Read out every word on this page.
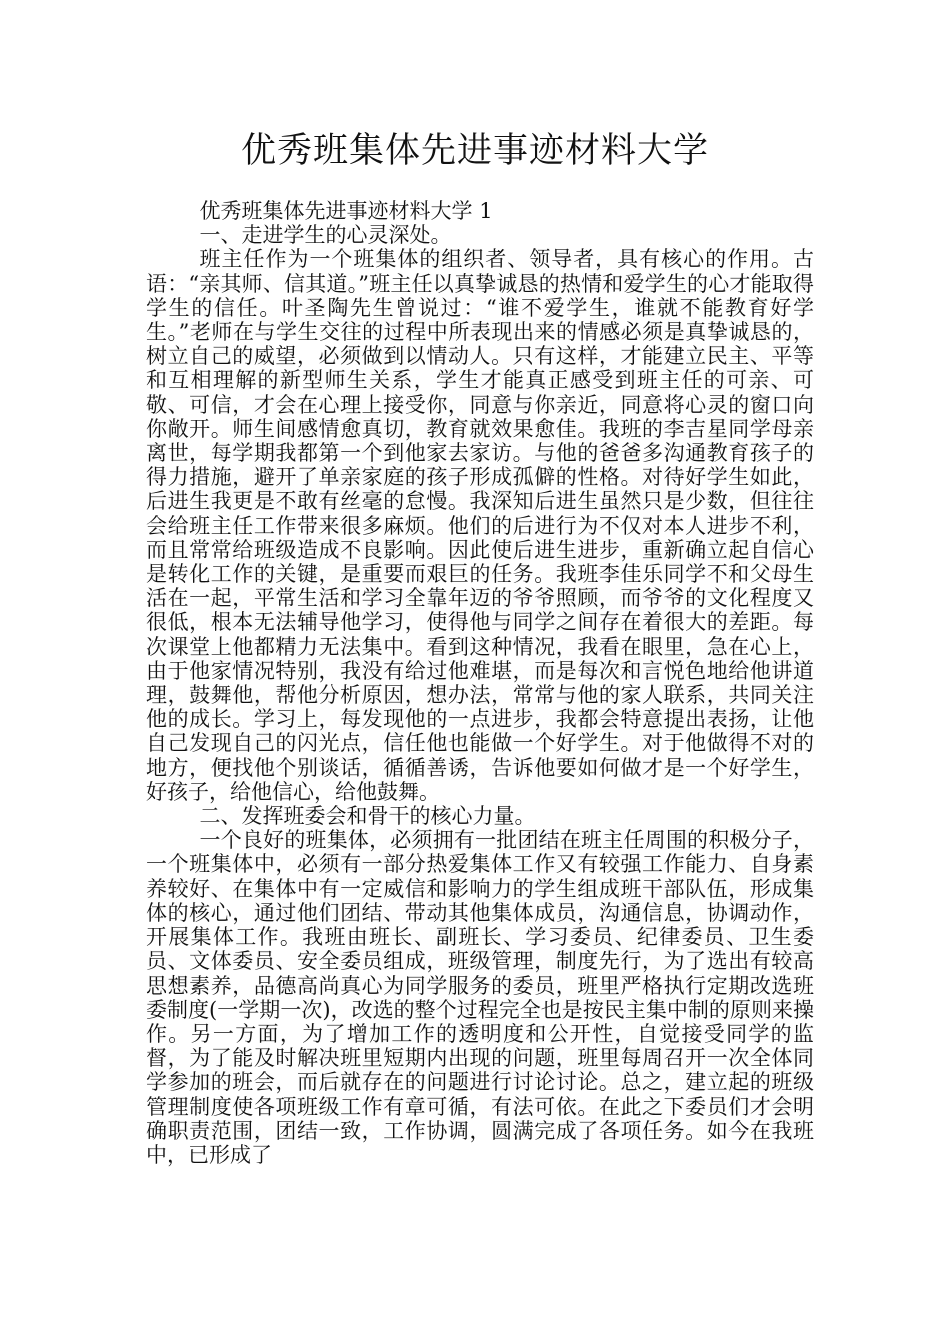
优秀班集体先进事迹材料大学

优秀班集体先进事迹材料大学 1

一、走进学生的心灵深处。

班主任作为一个班集体的组织者、领导者，具有核心的作用。古语：“亲其师、信其道。”班主任以真挚诚恳的热情和爱学生的心才能取得学生的信任。叶圣陶先生曾说过：“谁不爱学生，谁就不能教育好学生。”老师在与学生交往的过程中所表现出来的情感必须是真挚诚恳的，树立自己的威望，必须做到以情动人。只有这样，才能建立民主、平等和互相理解的新型师生关系，学生才能真正感受到班主任的可亲、可敬、可信，才会在心理上接受你，同意与你亲近，同意将心灵的窗口向你敞开。师生间感情愈真切，教育就效果愈佳。我班的李吉星同学母亲离世，每学期我都第一个到他家去家访。与他的爸爸多沟通教育孩子的得力措施，避开了单亲家庭的孩子形成孤僻的性格。对待好学生如此，后进生我更是不敢有丝毫的怠慢。我深知后进生虽然只是少数，但往往会给班主任工作带来很多麻烦。他们的后进行为不仅对本人进步不利，而且常常给班级造成不良影响。因此使后进生进步，重新确立起自信心是转化工作的关键，是重要而艰巨的任务。我班李佳乐同学不和父母生活在一起，平常生活和学习全靠年迈的爷爷照顾，而爷爷的文化程度又很低，根本无法辅导他学习，使得他与同学之间存在着很大的差距。每次课堂上他都精力无法集中。看到这种情况，我看在眼里，急在心上，由于他家情况特别，我没有给过他难堪，而是每次和言悦色地给他讲道理，鼓舞他，帮他分析原因，想办法，常常与他的家人联系，共同关注他的成长。学习上，每发现他的一点进步，我都会特意提出表扬，让他自己发现自己的闪光点，信任他也能做一个好学生。对于他做得不对的地方，便找他个别谈话，循循善诱，告诉他要如何做才是一个好学生，好孩子，给他信心，给他鼓舞。

二、发挥班委会和骨干的核心力量。

一个良好的班集体，必须拥有一批团结在班主任周围的积极分子，一个班集体中，必须有一部分热爱集体工作又有较强工作能力、自身素养较好、在集体中有一定威信和影响力的学生组成班干部队伍，形成集体的核心，通过他们团结、带动其他集体成员，沟通信息，协调动作，开展集体工作。我班由班长、副班长、学习委员、纪律委员、卫生委员、文体委员、安全委员组成，班级管理，制度先行，为了选出有较高思想素养，品德高尚真心为同学服务的委员，班里严格执行定期改选班委制度(一学期一次)，改选的整个过程完全也是按民主集中制的原则来操作。另一方面，为了增加工作的透明度和公开性，自觉接受同学的监督，为了能及时解决班里短期内出现的问题，班里每周召开一次全体同学参加的班会，而后就存在的问题进行讨论讨论。总之，建立起的班级管理制度使各项班级工作有章可循，有法可依。在此之下委员们才会明确职责范围，团结一致，工作协调，圆满完成了各项任务。如今在我班中，已形成了
